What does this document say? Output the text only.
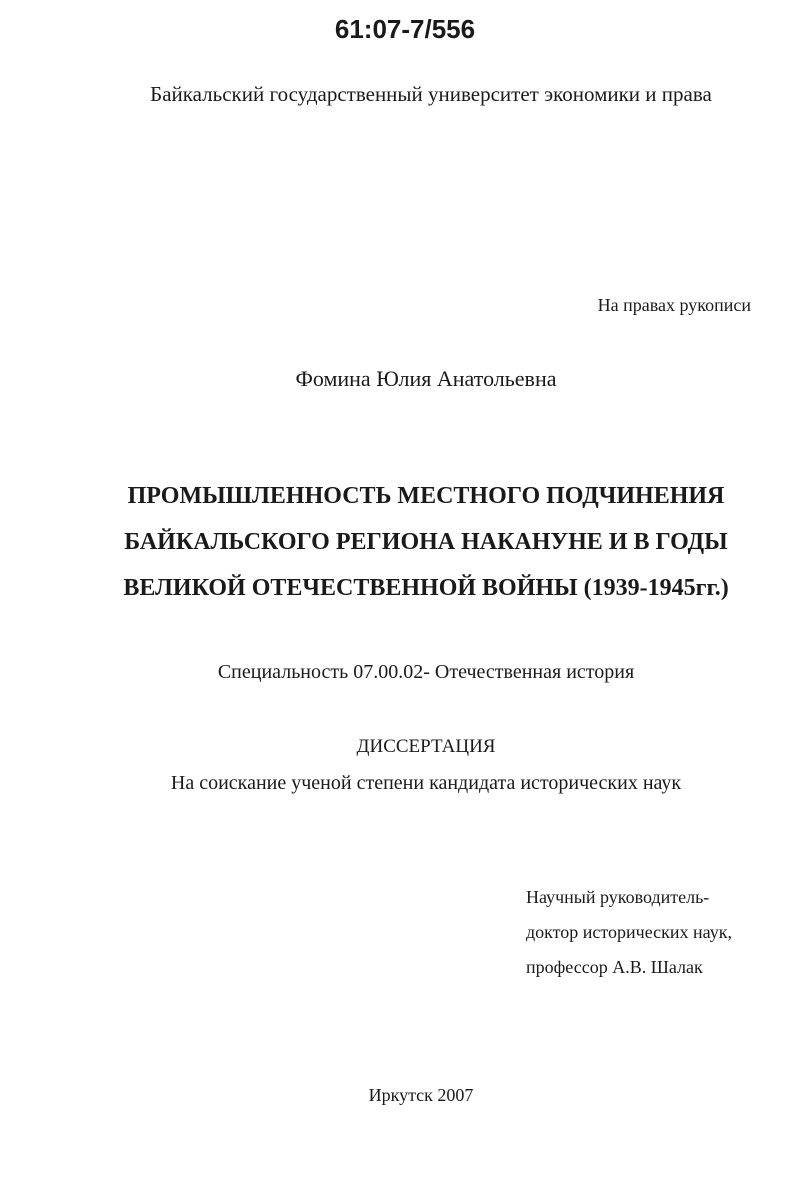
61:07-7/556
Байкальский государственный университет экономики и права
На правах рукописи
Фомина Юлия Анатольевна
ПРОМЫШЛЕННОСТЬ МЕСТНОГО ПОДЧИНЕНИЯ
БАЙКАЛЬСКОГО РЕГИОНА НАКАНУНЕ И В ГОДЫ
ВЕЛИКОЙ ОТЕЧЕСТВЕННОЙ ВОЙНЫ (1939-1945гг.)
Специальность 07.00.02- Отечественная история
ДИССЕРТАЦИЯ
На соискание ученой степени кандидата исторических наук
Научный руководитель-
доктор исторических наук,
профессор А.В. Шалак
Иркутск 2007
